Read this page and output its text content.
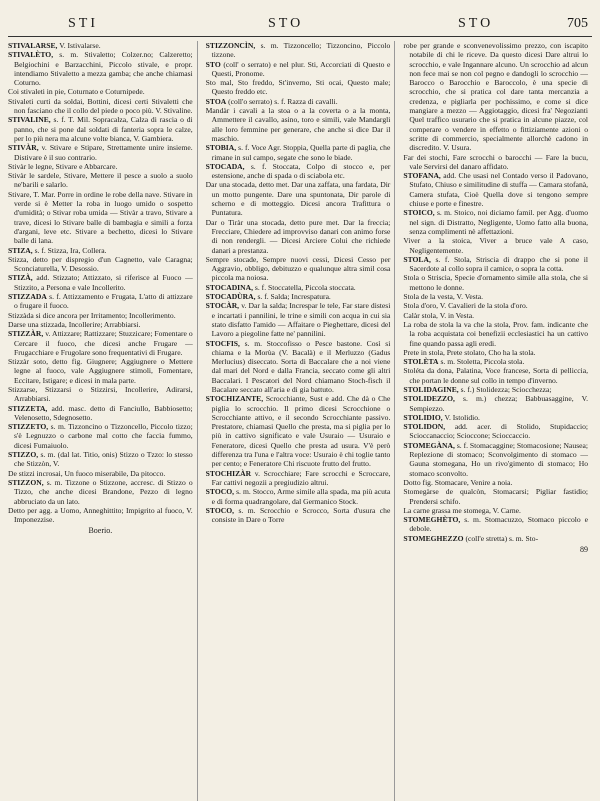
STI	STO	STO	705

STIVALARSE, V. Istivalarse.

STIVALÈTO, s. m. Stivaletto; Colzer.no; Calzeretto; Belgiochini e Barzacchini, Piccolo stivale, e propr. intendiamo Stivaletto a mezza gamba; che anche chiamasi Coturno.

Coi stivaleti in pie, Coturnato e Coturnipede.

Stivaleti curti da soldai, Bottini, dicesi certi Stivaletti che non fasciano che il collo del piede o poco più. V. Stivaline.

STIVALINE, s. f. T. Mil. Sopracalza, Calza di rascia o di panno, che si pone dal soldati di fanteria sopra le calze, per lo più nera ma alcune volte bianca, V. Gambiera.

STIVÀR, v. Stivare e Stipare, Strettamente unire insieme. Distivare è il suo contrario.

Stivàr le legne, Stivare e Abbarcare.

Stivàr le sardele, Stivare, Mettere il pesce a suolo a suolo ne'barili e salarlo.

Stivare, T. Mar. Porre in ordine le robe della nave. Stivare in verde si è Metter la roba in luogo umido o sospetto d'umidità; o Stivar roba umida — Stivàr a travo, Stivare a trave, dicesi lo Stivare balle di bambagia e simili a forza d'argani, leve etc. Stivare a bechetto, dicesi lo Stivare balle di lana.

STIZA, s. f. Stizza, Ira, Collera.

Stizza, detto per dispregio d'un Cagnetto, vale Caragna; Sconciaturella, V. Desossio.

STIZÀ, add. Stizzato; Attizzato, si riferisce al Fuoco — Stizzito, a Persona e vale Incollerito.

STIZZADA s. f. Attizzamento e Frugata, L'atto di attizzare o frugare il fuoco.

Stizzàda si dice ancora per Irritamento; Incollerimento.

Darse una stizzada, Incollerire; Arrabbiarsi.

STIZZÀR, v. Attizzare; Rattizzare; Stuzzicare; Fomentare o Cercare il fuoco, che dicesi anche Frugare — Frugacchiare e Frugolare sono frequentativi di Frugare.

Stizzàr soto, detto fig. Giugnere; Aggiugnere o Mettere legne al fuoco, vale Aggiugnere stimoli, Fomentare, Eccitare, Istigare; e dicesi in mala parte.

Stizzarse, Stizzarsi o Stizzirsi, Incollerire, Adirarsi, Arrabbiarsi.

STIZZETA, add. masc. detto di Fanciullo, Babbiosetto; Velenosetto, Sdegnosetto.

STIZZETO, s. m. Tizzoncino o Tizzoncello, Piccolo tizzo; s'è Legnuzzo o carbone mal cotto che faccia fummo, dicesi Fumaiuolo.

STIZZO, s. m. (dal lat. Titio, onis) Stizzo o Tzzo: lo stesso che Stizzòn, V.

De stizzi incrosai, Un fuoco miserabile, Da pitocco.

STIZZON, s. m. Tizzone o Stizzone, accresc. di Stizzo o Tizzo, che anche dicesi Brandone, Pezzo di legno abbruciato da un lato.

Detto per agg. a Uomo, Anneghittito; Impigrito al fuoco, V. Imponezzise.

Boerio.

STIZZONCÌN, s. m. Tizzoncello; Tizzoncino, Piccolo tizzone.

STO (coll' o serrato) e nel plur. Sti, Accorciati di Questo e Questi, Pronome.

Sto mal, Sto freddo, St'inverno, Sti ocai, Questo male; Questo freddo etc.

STOA (coll'o serrato) s. f. Razza di cavalli.

Mandàr i cavali a la stoa o a la coverta o a la monta, Ammettere il cavallo, asino, toro e simili, vale Mandargli alle loro femmine per generare, che anche si dice Dar il maschio.

STOBIA, s. f. Voce Agr. Stoppia, Quella parte di paglia, che rimane in sul campo, segate che sono le biade.

STOCADA, s. f. Stoccata, Colpo di stocco e, per estensione, anche di spada o di sciabola etc.

Dar una stocada, detto met. Dar una zaffata, una fardata, Dir un motto pungente. Dare una spuntonata, Dir parole di scherno e di motteggio. Dicesi ancora Trafittura o Puntatura.

Dar o Tiràr una stocada, detto pure met. Dar la freccia; Frecciare, Chiedere ad improvviso danari con animo forse di non rendergli. — Dicesi Arciere Colui che richiede danari a prestanza.

Sempre stocade, Sempre nuovi cessi, Dicesi Cesso per Aggravio, obbligo, debituzzo e qualunque altra simil cosa piccola ma noiosa.

STOCADINA, s. f. Stoccatella, Piccola stoccata.

STOCADÙRA, s. f. Salda; Increspatura.

STOCÀR, v. Dar la salda; Increspar le tele, Far stare distesi e incartati i pannilini, le trine e simili con acqua in cui sia stato disfatto l'amido — Affaitare o Pieghettare, dicesi del Lavoro a piegoline fatte ne' pannilini.

STOCFIS, s. m. Stoccofisso o Pesce bastone. Così si chiama e la Morùa (V. Bacalà) e il Merluzzo (Gadus Merlucius) diseccato. Sorta di Baccalare che a noi viene dal mari del Nord e dalla Francia, seccato come gli altri Baccalari. I Pescatori del Nord chiamano Stoch-fisch il Bacalare seccato all'aria e di gia battuto.

STOCHIZANTE, Scrocchiante, Sust e add. Che dà o Che piglia lo scrocchio. Il primo dicesi Scrocchione o Scrocchiante attivo, e il secondo Scrocchiante passivo. Prestatore, chiamasi Quello che presta, ma si piglia per lo più in cattivo significato e vale Usuraio — Usuraio e Feneratore, dicesi Quello che presta ad usura. V'è però differenza tra l'una e l'altra voce: Usuraio è chi toglie tanto per cento; e Feneratore Chi riscuote frutto del frutto.

STOCHIZÀR v. Scrocchiare; Fare scrocchi e Scroccare, Far cattivi negozii a pregiudizio altrui.

STOCO, s. m. Stocco, Arme simile alla spada, ma più acuta e di forma quadrangolare, dal Germanico Stock.

STOCO, s. m. Scrocchio e Scrocco, Sorta d'usura che consiste in Dare o Torre

robe per grande e sconvenevolissimo prezzo, con iscapito notabile di chi le riceve. Da questo dicesi Dare altrui lo scrocchio, e vale Ingannare alcuno. Un scrocchio ad alcun non fece mai se non col pegno e dandogli lo scrocchio — Barocco o Barocchio e Baroccolo, è una specie di scrocchio, che si pratica col dare tanta mercanzia a credenza, e pigliarla per pochissimo, e come si dice mangiare a mezzo — Aggiotaggio, dicesi fra' Negozianti Quel traffico usurario che si pratica in alcune piazze, col comperare o vendere in effetto o fittiziamente azioni o scritte di commercio, specialmente allorchè cadono in discredito. V. Usura.

Far dei stochi, Fare scrocchi o barocchi — Fare la bucu, vale Servirsi del danaro affidato.

STOFANA, add. Che usasi nel Contado verso il Padovano, Stufato, Chiuso e similitudine di stuffa — Camara stofanà, Camera stufata, Cioè Quella dove si tengono sempre chiuse e porte e finestre.

STOICO, s. m. Stoico, noi diciamo famil. per Agg. d'uomo nel sign. di Distratto, Negligente, Uomo fatto alla buona, senza complimenti nè affettazioni.

Viver a la stoica, Viver a bruce vale A caso, Negligentemente.

STOLA, s. f. Stola, Striscia di drappo che si pone il Sacerdote al collo sopra il camice, o sopra la cotta.

Stola o Striscia, Specie d'ornamento simile alla stola, che si mettono le donne.

Stola de la vesta, V. Vesta.

Stola d'oro, V. Cavalieri de la stola d'oro.

Calàr stola, V. in Vesta.

La roba de stola la va che la stola, Prov. fam. indicante che la roba acquistata coi benefizii ecclesiastici ha un cattivo fine quando passa agli eredi.

Prete in stola, Prete stolato, Cho ha la stola.

STOLÈTA s. m. Stoletta, Piccola stola.

Stoléta da dona, Palatina, Voce francese, Sorta di pelliccia, che portan le donne sul collo in tempo d'inverno.

STOLIDAGINE, s. f.) Stolidezza; Sciocchezza;

STOLIDEZZO, s. m.) chezza; Babbuasaggine, V. Sempiezzo.

STOLIDIO, V. Istolidio.

STOLIDON, add. acer. di Stolido, Stupidaccio; Scioccanaccio; Scioccone; Scioccaccio.

STOMEGÀNA, s. f. Stomacaggine; Stomacosione; Nausea; Replezione di stomaco; Sconvolgimento di stomaco — Gauna stomegana, Ho un rivo'gimento di stomaco; Ho stomaco sconvolto.

Dotto fig. Stomacare, Venire a noia.

Stomegàrse de qualcòn, Stomacarsi; Pigliar fastidio; Prendersi schifo.

La carne grassa me stomega, V. Carne.

STOMEGHÈTO, s. m. Stomacuzzo, Stomaco piccolo e debole.

STOMEGHEZZO (coll'e stretta) s. m. Sto-

89
